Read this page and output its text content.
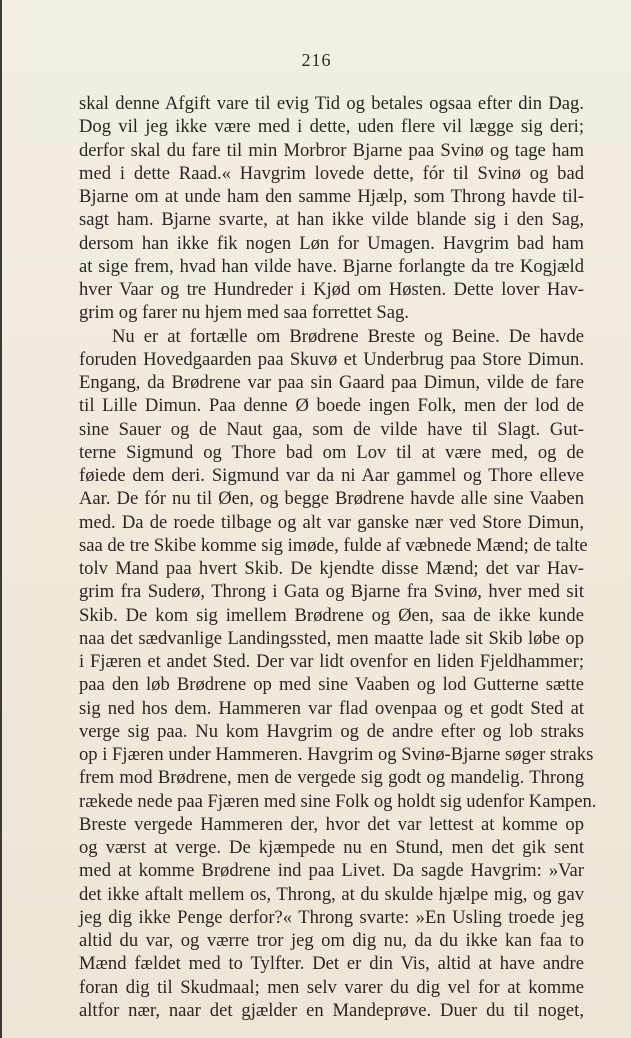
216
skal denne Afgift vare til evig Tid og betales ogsaa efter din Dag.
Dog vil jeg ikke være med i dette, uden flere vil lægge sig deri;
derfor skal du fare til min Morbror Bjarne paa Svinø og tage ham
med i dette Raad.« Havgrim lovede dette, fór til Svinø og bad
Bjarne om at unde ham den samme Hjælp, som Throng havde til-
sagt ham. Bjarne svarte, at han ikke vilde blande sig i den Sag,
dersom han ikke fik nogen Løn for Umagen. Havgrim bad ham
at sige frem, hvad han vilde have. Bjarne forlangte da tre Kogjæld
hver Vaar og tre Hundreder i Kjød om Høsten. Dette lover Hav-
grim og farer nu hjem med saa forrettet Sag.
Nu er at fortælle om Brødrene Breste og Beine. De havde
foruden Hovedgaarden paa Skuvø et Underbrug paa Store Dimun.
Engang, da Brødrene var paa sin Gaard paa Dimun, vilde de fare
til Lille Dimun. Paa denne Ø boede ingen Folk, men der lod de
sine Sauer og de Naut gaa, som de vilde have til Slagt. Gut-
terne Sigmund og Thore bad om Lov til at være med, og de
føiede dem deri. Sigmund var da ni Aar gammel og Thore elleve
Aar. De fór nu til Øen, og begge Brødrene havde alle sine Vaaben
med. Da de roede tilbage og alt var ganske nær ved Store Dimun,
saa de tre Skibe komme sig imøde, fulde af væbnede Mænd; de talte
tolv Mand paa hvert Skib. De kjendte disse Mænd; det var Hav-
grim fra Suderø, Throng i Gata og Bjarne fra Svinø, hver med sit
Skib. De kom sig imellem Brødrene og Øen, saa de ikke kunde
naa det sædvanlige Landingssted, men maatte lade sit Skib løbe op
i Fjæren et andet Sted. Der var lidt ovenfor en liden Fjeldhammer;
paa den løb Brødrene op med sine Vaaben og lod Gutterne sætte
sig ned hos dem. Hammeren var flad ovenpaa og et godt Sted at
verge sig paa. Nu kom Havgrim og de andre efter og lob straks
op i Fjæren under Hammeren. Havgrim og Svinø-Bjarne søger straks
frem mod Brødrene, men de vergede sig godt og mandelig. Throng
rækede nede paa Fjæren med sine Folk og holdt sig udenfor Kampen.
Breste vergede Hammeren der, hvor det var lettest at komme op
og værst at verge. De kjæmpede nu en Stund, men det gik sent
med at komme Brødrene ind paa Livet. Da sagde Havgrim: »Var
det ikke aftalt mellem os, Throng, at du skulde hjælpe mig, og gav
jeg dig ikke Penge derfor?« Throng svarte: »En Usling troede jeg
altid du var, og værre tror jeg om dig nu, da du ikke kan faa to
Mænd fældet med to Tylfter. Det er din Vis, altid at have andre
foran dig til Skudmaal; men selv varer du dig vel for at komme
altfor nær, naar det gjælder en Mandeprøve. Duer du til noget,
